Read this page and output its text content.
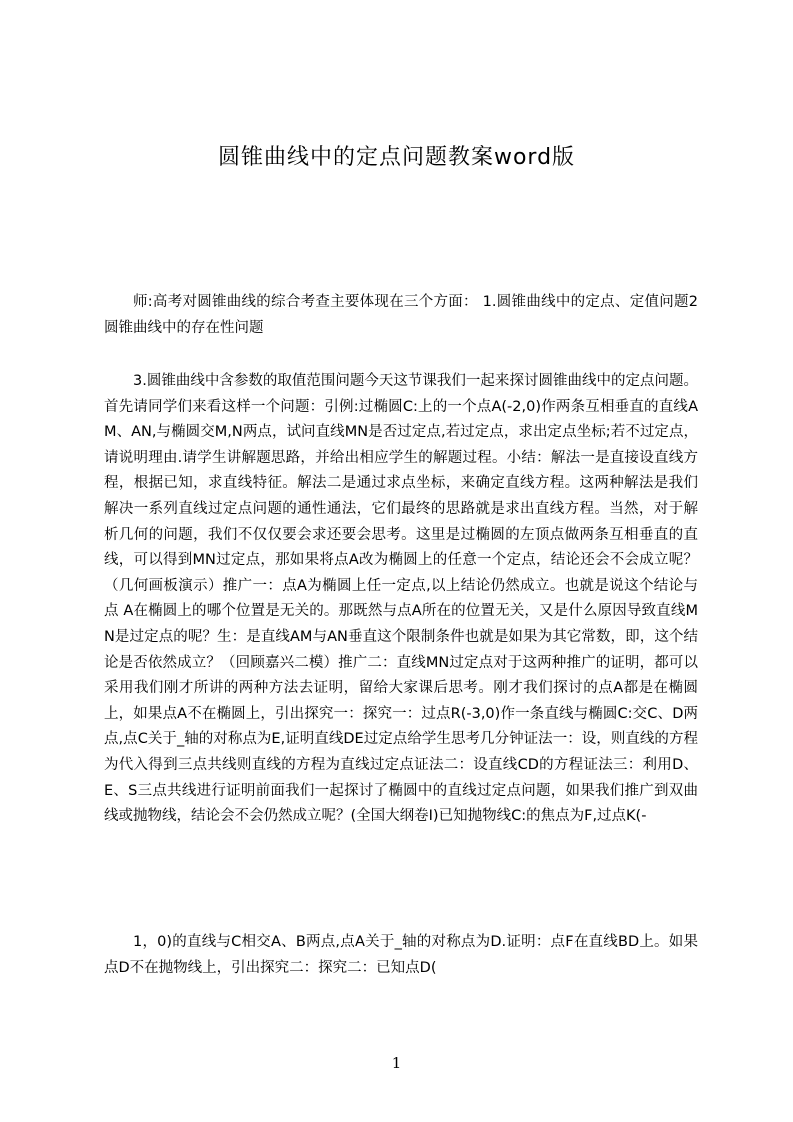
圆锥曲线中的定点问题教案word版

师:高考对圆锥曲线的综合考查主要体现在三个方面： 1.圆锥曲线中的定点、定值问题2圆锥曲线中的存在性问题

3.圆锥曲线中含参数的取值范围问题今天这节课我们一起来探讨圆锥曲线中的定点问题。首先请同学们来看这样一个问题：引例:过椭圆C:上的一个点A(-2,0)作两条互相垂直的直线AM、AN,与椭圆交M,N两点，试问直线MN是否过定点,若过定点，求出定点坐标;若不过定点，请说明理由.请学生讲解题思路，并给出相应学生的解题过程。小结：解法一是直接设直线方程，根据已知，求直线特征。解法二是通过求点坐标，来确定直线方程。这两种解法是我们解决一系列直线过定点问题的通性通法，它们最终的思路就是求出直线方程。当然，对于解析几何的问题，我们不仅仅要会求还要会思考。这里是过椭圆的左顶点做两条互相垂直的直线，可以得到MN过定点，那如果将点A改为椭圆上的任意一个定点，结论还会不会成立呢？（几何画板演示）推广一：点A为椭圆上任一定点,以上结论仍然成立。也就是说这个结论与点 A在椭圆上的哪个位置是无关的。那既然与点A所在的位置无关，又是什么原因导致直线MN是过定点的呢？生：是直线AM与AN垂直这个限制条件也就是如果为其它常数，即，这个结论是否依然成立？（回顾嘉兴二模）推广二：直线MN过定点对于这两种推广的证明，都可以采用我们刚才所讲的两种方法去证明，留给大家课后思考。刚才我们探讨的点A都是在椭圆上，如果点A不在椭圆上，引出探究一：探究一：过点R(-3,0)作一条直线与椭圆C:交C、D两点,点C关于_轴的对称点为E,证明直线DE过定点给学生思考几分钟证法一：设，则直线的方程为代入得到三点共线则直线的方程为直线过定点证法二：设直线CD的方程证法三：利用D、E、S三点共线进行证明前面我们一起探讨了椭圆中的直线过定点问题，如果我们推广到双曲线或抛物线，结论会不会仍然成立呢？(全国大纲卷Ⅰ)已知抛物线C:的焦点为F,过点K(-

1，0)的直线与C相交A、B两点,点A关于_轴的对称点为D.证明：点F在直线BD上。如果点D不在抛物线上，引出探究二：探究二：已知点D(

1
